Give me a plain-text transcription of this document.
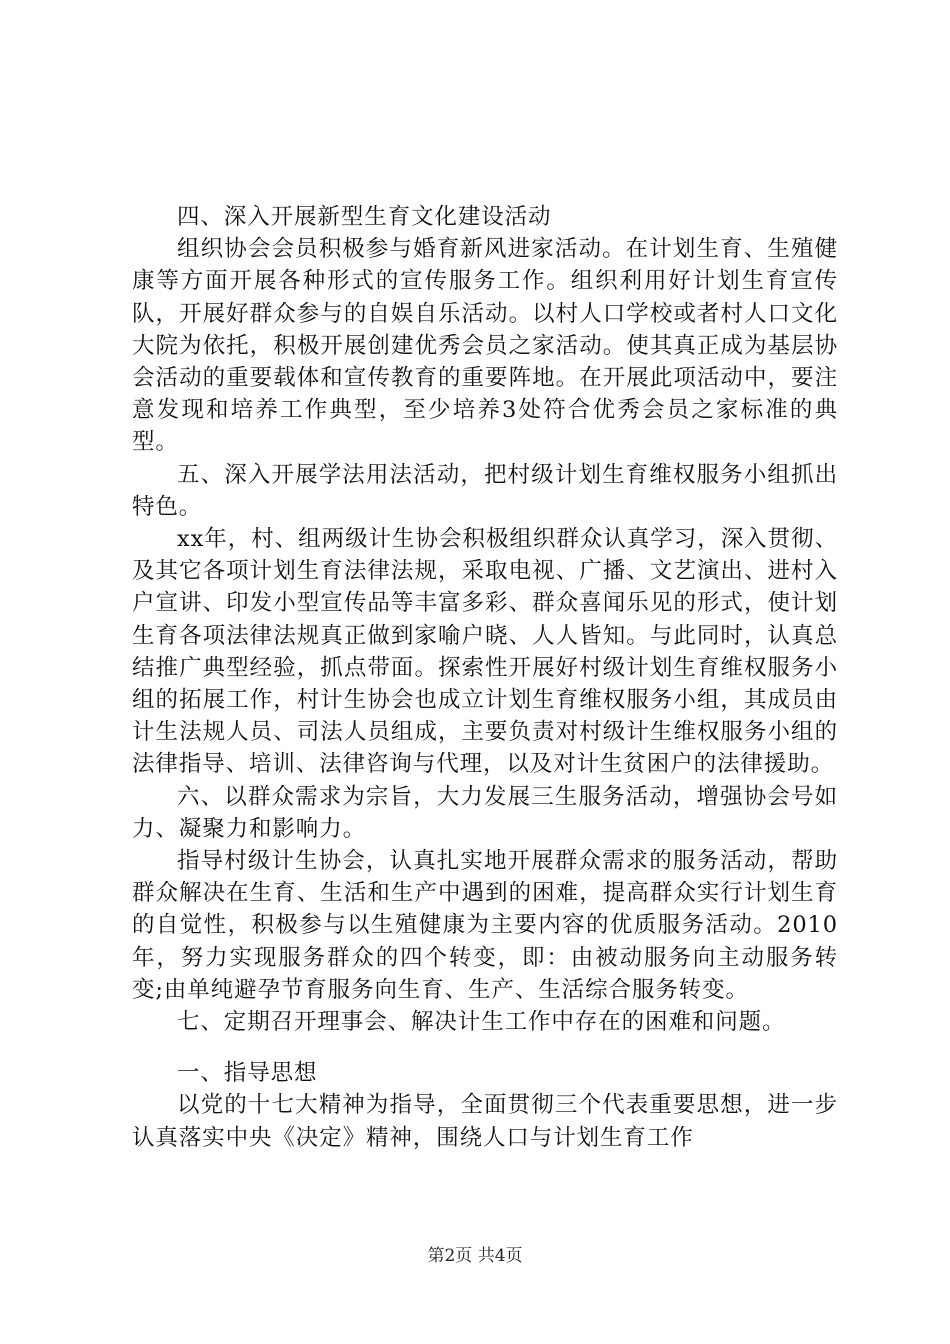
四、深入开展新型生育文化建设活动

组织协会会员积极参与婚育新风进家活动。在计划生育、生殖健康等方面开展各种形式的宣传服务工作。组织利用好计划生育宣传队，开展好群众参与的自娱自乐活动。以村人口学校或者村人口文化大院为依托，积极开展创建优秀会员之家活动。使其真正成为基层协会活动的重要载体和宣传教育的重要阵地。在开展此项活动中，要注意发现和培养工作典型，至少培养3处符合优秀会员之家标准的典型。

五、深入开展学法用法活动，把村级计划生育维权服务小组抓出特色。

xx年，村、组两级计生协会积极组织群众认真学习，深入贯彻、及其它各项计划生育法律法规，采取电视、广播、文艺演出、进村入户宣讲、印发小型宣传品等丰富多彩、群众喜闻乐见的形式，使计划生育各项法律法规真正做到家喻户晓、人人皆知。与此同时，认真总结推广典型经验，抓点带面。探索性开展好村级计划生育维权服务小组的拓展工作，村计生协会也成立计划生育维权服务小组，其成员由计生法规人员、司法人员组成，主要负责对村级计生维权服务小组的法律指导、培训、法律咨询与代理，以及对计生贫困户的法律援助。

六、以群众需求为宗旨，大力发展三生服务活动，增强协会号如力、凝聚力和影响力。

指导村级计生协会，认真扎实地开展群众需求的服务活动，帮助群众解决在生育、生活和生产中遇到的困难，提高群众实行计划生育的自觉性，积极参与以生殖健康为主要内容的优质服务活动。2010年，努力实现服务群众的四个转变，即：由被动服务向主动服务转变;由单纯避孕节育服务向生育、生产、生活综合服务转变。

七、定期召开理事会、解决计生工作中存在的困难和问题。

一、指导思想

以党的十七大精神为指导，全面贯彻三个代表重要思想，进一步认真落实中央《决定》精神，围绕人口与计划生育工作

第2页 共4页
